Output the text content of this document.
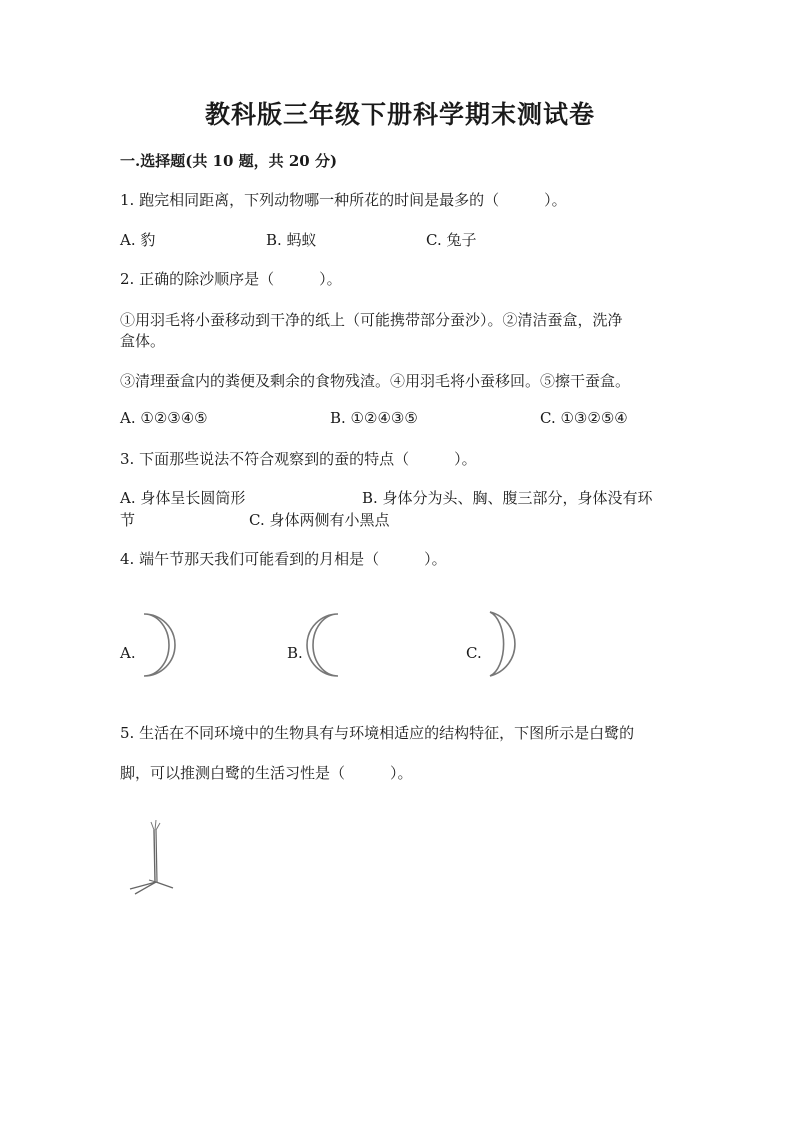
教科版三年级下册科学期末测试卷
一.选择题(共 10 题，共 20 分)
1. 跑完相同距离，下列动物哪一种所花的时间是最多的（　　　）。
A. 豹	B. 蚂蚁	C. 兔子
2. 正确的除沙顺序是（　　　）。
①用羽毛将小蚕移动到干净的纸上（可能携带部分蚕沙）。②清洁蚕盒，洗净
盒体。
③清理蚕盒内的粪便及剩余的食物残渣。④用羽毛将小蚕移回。⑤擦干蚕盒。
A. ①②③④⑤	B. ①②④③⑤	C. ①③②⑤④
3. 下面那些说法不符合观察到的蚕的特点（　　　）。
A. 身体呈长圆筒形	B. 身体分为头、胸、腹三部分，身体没有环
节	C. 身体两侧有小黑点
4. 端午节那天我们可能看到的月相是（　　　）。
A.	B.	C.
5. 生活在不同环境中的生物具有与环境相适应的结构特征，下图所示是白鹭的
脚，可以推测白鹭的生活习性是（　　　）。
